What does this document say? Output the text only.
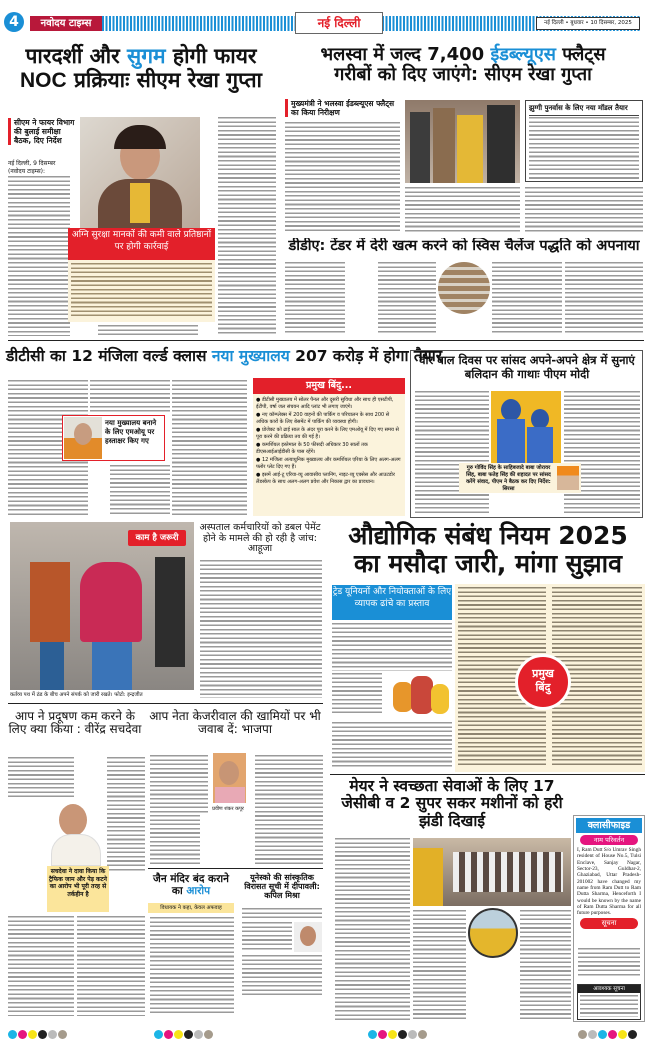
4	नवोदय टाइम्स	नई दिल्ली	नई दिल्ली • बुधवार • 10 दिसम्बर, 2025
पारदर्शी और सुगम होगी फायर
NOC प्रक्रियाः सीएम रेखा गुप्ता
सीएम ने फायर विभाग की बुलाई समीक्षा बैठक, दिए निर्देश
नई दिल्ली, 9 दिसम्बर (नवोदय टाइम्स):
अग्नि सुरक्षा मानकों की कमी वाले प्रतिष्ठानों पर होगी कार्रवाई
भलस्वा में जल्द 7,400 ईडब्ल्यूएस फ्लैट्स
गरीबों को दिए जाएंगे: सीएम रेखा गुप्ता
मुख्यमंत्री ने भलस्वा ईडब्ल्यूएस फ्लैट्स का किया निरीक्षण	झुग्गी पुनर्वास के लिए नया मॉडल तैयार
डीडीए: टेंडर में देरी खत्म करने को स्विस चैलेंज पद्धति को अपनाया
डीटीसी का 12 मंजिला वर्ल्ड क्लास नया मुख्यालय 207 करोड़ में होगा तैयार
नया मुख्यालय बनाने के लिए एमओयू पर हस्ताक्षर किए गए
प्रमुख बिंदु...
● डीटीसी मुख्यालय में सोलर पैनल और दूसरी सुविधा और साथ ही एसटीपी, ईटीपी, वर्षा जल संचयन आदि प्लांट भी लगाए जाएंगे।
● नए कॉम्प्लेक्स में 200 वाहनों की पार्किंग व परिचालन के साथ 200 से अधिक कारों के लिए बेसमेंट में पार्किंग की व्यवस्था होगी।
● प्रोजेक्ट को ढाई साल के अंदर पूरा करने के लिए एमओयू में दिए गए समय से पूरा करने की प्रक्रिया तय की गई है।
● कमर्शियल इस्तेमाल के 50 फीसदी अधिकार 30 सालों तक डीएसआईआईडीसी के पास रहेंगे।
● 12 मंजिला अत्याधुनिक मुख्यालय और कमर्शियल एरिया के लिए अलग-अलग फ्लोर प्लेट दिए गए हैं।
● इसमें आई-टू एरिया-व्यू आवासीय प्लानिंग, नाइट-व्यू एक्सेस और आउटडोर लैंडस्केप के साथ अलग-अलग प्रवेश और निकास द्वार का प्रावधान।
वीर बाल दिवस पर सांसद अपने-अपने क्षेत्र में सुनाएं बलिदान की गाथाः पीएम मोदी
गुरु गोविंद सिंह के साहिबजादे बाबा जोरावर सिंह, बाबा फतेह सिंह की शहादत पर सांसद करेंगे संवाद, पीएम ने बैठक कर दिए निर्देश: सिरसा
काम है जरूरी
कर्तव्य पथ में ठंड के बीच अपने संपर्क को जारी रखते। फोटो: इन्द्रजीत
अस्पताल कर्मचारियों को डबल पेमेंट होने के मामले की हो रही है जांच: आहूजा	औद्योगिक संबंध नियम 2025
का मसौदा जारी, मांगा सुझाव
ट्रेड यूनियनों और नियोक्ताओं के लिए व्यापक ढांचे का प्रस्ताव
प्रमुख
बिंदु
आप ने प्रदूषण कम करने के लिए क्या किया : वीरेंद्र सचदेवा
सचदेवा ने दावा किया कि ट्रैफिक जाम और पेड़ कटने का आरोप भी पूरी तरह से तर्कहीन है
आप नेता केजरीवाल की खामियों पर भी जवाब दें: भाजपा
प्रवीण शंकर कपूर
जैन मंदिर बंद कराने का आरोप
विधायक ने कहा, केवल अफवाह
यूनेस्को की सांस्कृतिक विरासत सूची में दीपावली: कपिल मिश्रा
मेयर ने स्वच्छता सेवाओं के लिए 17 जेसीबी व 2 सुपर सकर मशीनों को हरी झंडी दिखाई	क्लासीफाइड
नाम परिवर्तन
I, Ram Dutt S/o Umrav Singh resident of House No.5, Tulsi Enclave, Sanjay Nagar, Sector-23, Guldhar-2, Ghaziabad, Uttar Pradesh-201002 have changed my name from Ram Dutt to Ram Dutta Sharma, Henceforth I would be known by the name of Ram Dutta Sharma for all future purposes.
सूचना
आवश्यक सूचना
